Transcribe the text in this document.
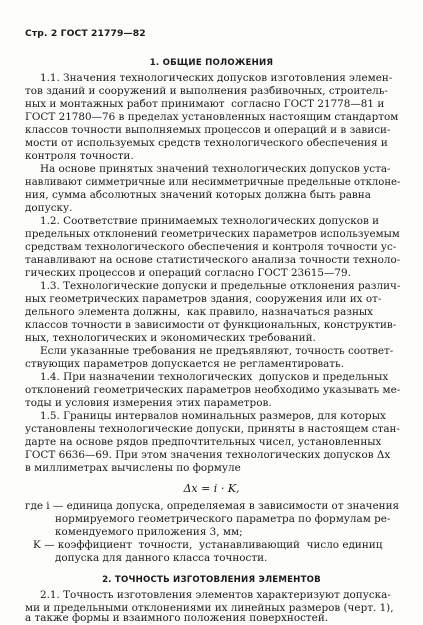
Стр. 2 ГОСТ 21779—82
1. ОБЩИЕ ПОЛОЖЕНИЯ
1.1. Значения технологических допусков изготовления элемен-
тов зданий и сооружений и выполнения разбивочных, строитель-
ных и монтажных работ принимают  согласно ГОСТ 21778—81 и
ГОСТ 21780—76 в пределах установленных настоящим стандартом
классов точности выполняемых процессов и операций и в зависи-
мости от используемых средств технологического обеспечения и
контроля точности.
На основе принятых значений технологических допусков уста-
навливают симметричные или несимметричные предельные отклоне-
ния, сумма абсолютных значений которых должна быть равна
допуску.
1.2. Соответствие принимаемых технологических допусков и
предельных отклонений геометрических параметров используемым
средствам технологического обеспечения и контроля точности ус-
танавливают на основе статистического анализа точности техноло-
гических процессов и операций согласно ГОСТ 23615—79.
1.3. Технологические допуски и предельные отклонения различ-
ных геометрических параметров здания, сооружения или их от-
дельного элемента должны,  как правило, назначаться разных
классов точности в зависимости от функциональных, конструктив-
ных, технологических и экономических требований.
Если указанные требования не предъявляют, точность соответ-
ствующих параметров допускается не регламентировать.
1.4. При назначении технологических  допусков и предельных
отклонений геометрических параметров необходимо указывать ме-
тоды и условия измерения этих параметров.
1.5. Границы интервалов номинальных размеров, для которых
установлены технологические допуски, приняты в настоящем стан-
дарте на основе рядов предпочтительных чисел, установленных
ГОСТ 6636—69. При этом значения технологических допусков Δx
в миллиметрах вычислены по формуле
Δx = i · K,
где i — единица допуска, определяемая в зависимости от значения
нормируемого геометрического параметра по формулам ре-
комендуемого приложения 3, мм;
K — коэффициент  точности,  устанавливающий  число единиц
допуска для данного класса точности.
2. ТОЧНОСТЬ ИЗГОТОВЛЕНИЯ ЭЛЕМЕНТОВ
2.1. Точность изготовления элементов характеризуют допуска-
ми и предельными отклонениями их линейных размеров (черт. 1),
а также формы и взаимного положения поверхностей.
